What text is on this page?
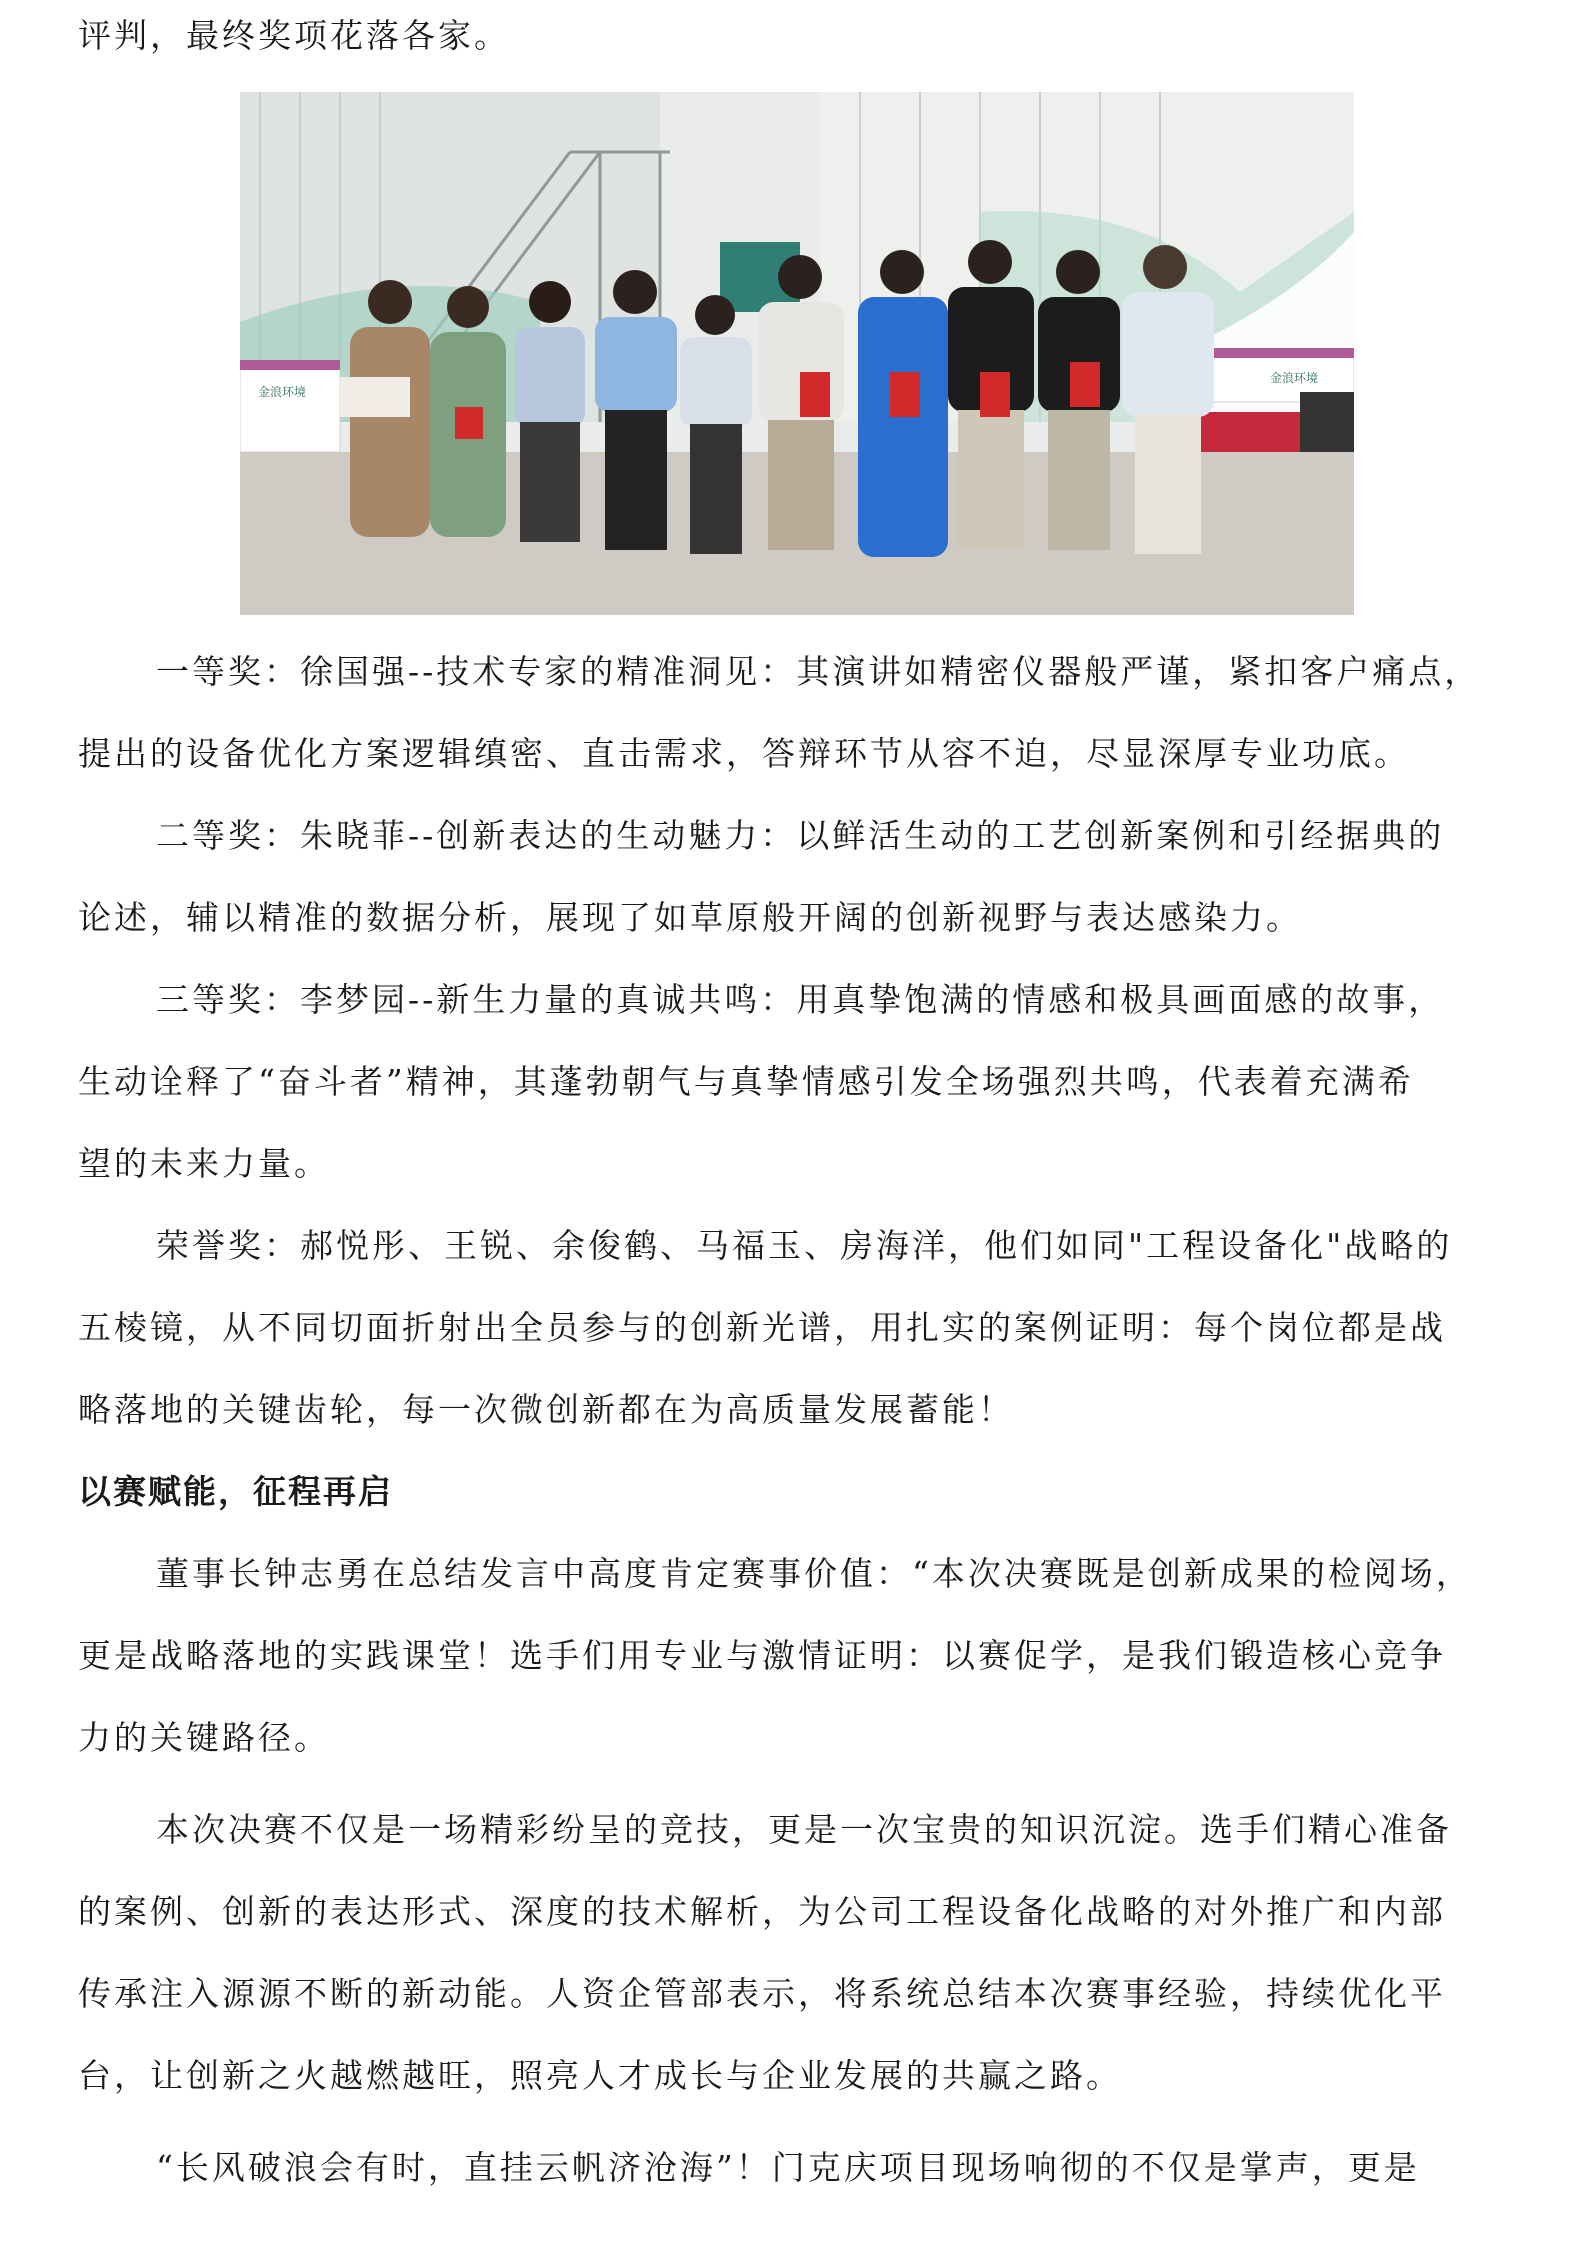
评判，最终奖项花落各家。
金浪环境
金浪环境
一等奖：徐国强--技术专家的精准洞见：其演讲如精密仪器般严谨，紧扣客户痛点，
提出的设备优化方案逻辑缜密、直击需求，答辩环节从容不迫，尽显深厚专业功底。
二等奖：朱晓菲--创新表达的生动魅力：以鲜活生动的工艺创新案例和引经据典的
论述，辅以精准的数据分析，展现了如草原般开阔的创新视野与表达感染力。
三等奖：李梦园--新生力量的真诚共鸣：用真挚饱满的情感和极具画面感的故事，
生动诠释了“奋斗者”精神，其蓬勃朝气与真挚情感引发全场强烈共鸣，代表着充满希
望的未来力量。
荣誉奖：郝悦彤、王锐、余俊鹤、马福玉、房海洋，他们如同"工程设备化"战略的
五棱镜，从不同切面折射出全员参与的创新光谱，用扎实的案例证明：每个岗位都是战
略落地的关键齿轮，每一次微创新都在为高质量发展蓄能！
以赛赋能，征程再启
董事长钟志勇在总结发言中高度肯定赛事价值：“本次决赛既是创新成果的检阅场，
更是战略落地的实践课堂！选手们用专业与激情证明：以赛促学，是我们锻造核心竞争
力的关键路径。
本次决赛不仅是一场精彩纷呈的竞技，更是一次宝贵的知识沉淀。选手们精心准备
的案例、创新的表达形式、深度的技术解析，为公司工程设备化战略的对外推广和内部
传承注入源源不断的新动能。人资企管部表示，将系统总结本次赛事经验，持续优化平
台，让创新之火越燃越旺，照亮人才成长与企业发展的共赢之路。
“长风破浪会有时，直挂云帆济沧海”！门克庆项目现场响彻的不仅是掌声，更是
